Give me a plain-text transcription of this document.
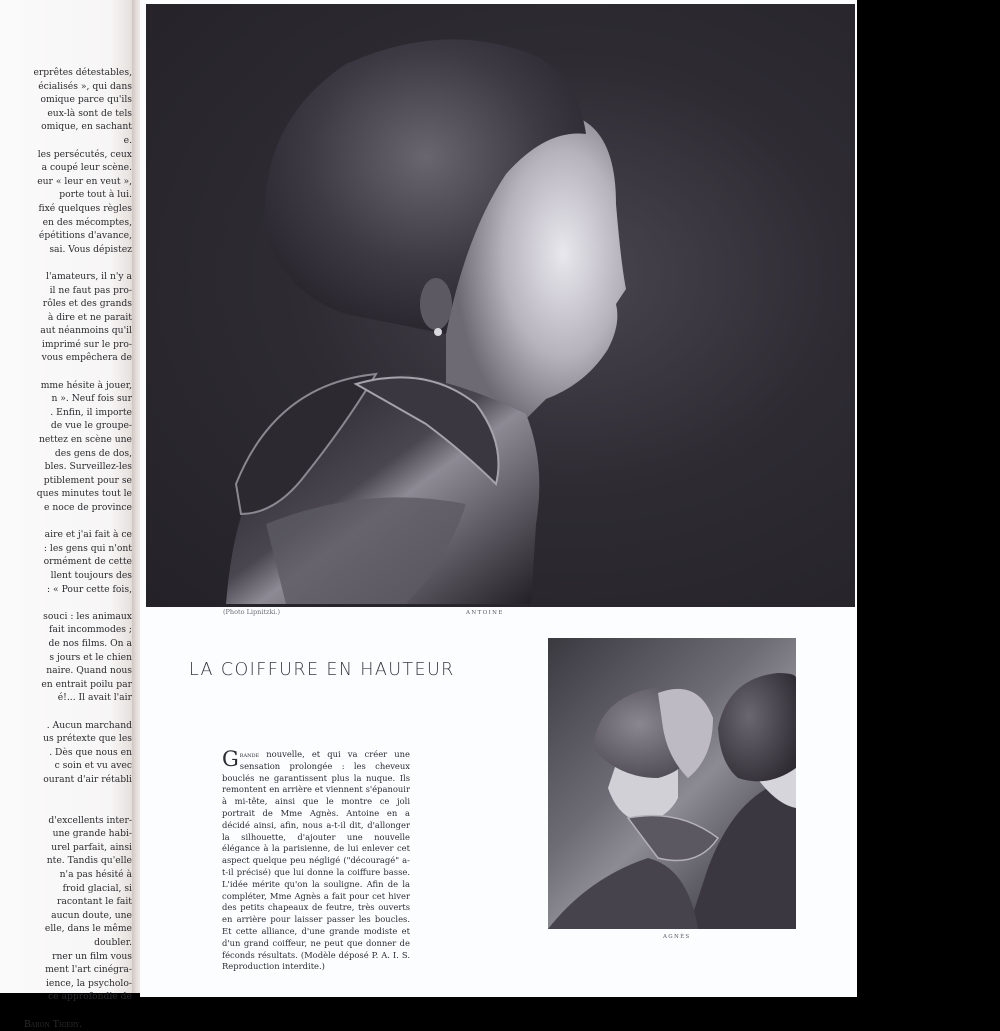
erprêtes détestables,
écialisés », qui dans
omique parce qu'ils
eux-là sont de tels
omique, en sachant
e.
les persécutés, ceux
a coupé leur scène.
eur « leur en veut »,
porte tout à lui.
fixé quelques règles
en des mécomptes,
épétitions d'avance,
sai. Vous dépistez
l'amateurs, il n'y a
il ne faut pas pro-
rôles et des grands
à dire et ne parait
aut néanmoins qu'il
imprimé sur le pro-
vous empêchera de
mme hésite à jouer,
n ». Neuf fois sur
. Enfin, il importe
de vue le groupe-
nettez en scène une
des gens de dos,
bles. Surveillez-les
ptiblement pour se
ques minutes tout le
e noce de province
aire et j'ai fait à ce
: les gens qui n'ont
ormément de cette
llent toujours des
: « Pour cette fois,
souci : les animaux
fait incommodes ;
de nos films. On a
s jours et le chien
naire. Quand nous
en entrait poilu par
é!... Il avait l'air
. Aucun marchand
us prétexte que les
. Dès que nous en
c soin et vu avec
ourant d'air rétabli
d'excellents inter-
une grande habi-
urel parfait, ainsi
nte. Tandis qu'elle
n'a pas hésité à
froid glacial, si
racontant le fait
aucun doute, une
elle, dans le même
doubler.
rner un film vous
ment l'art cinégra-
ience, la psycholo-
ce approfondie de
Baron Thiéry.
(Photo Lipnitzki.)	ANTOINE
LA COIFFURE EN HAUTEUR
Grande nouvelle, et qui va créer une sensation prolongée : les cheveux bouclés ne garantissent plus la nuque. Ils remontent en arrière et viennent s'épanouir à mi-tête, ainsi que le montre ce joli portrait de Mme Agnès. Antoine en a décidé ainsi, afin, nous a-t-il dit, d'allonger la silhouette, d'ajouter une nouvelle élégance à la parisienne, de lui enlever cet aspect quelque peu négligé ("découragé" a-t-il précisé) que lui donne la coiffure basse. L'idée mérite qu'on la souligne. Afin de la compléter, Mme Agnès a fait pour cet hiver des petits chapeaux de feutre, très ouverts en arrière pour laisser passer les boucles. Et cette alliance, d'une grande modiste et d'un grand coiffeur, ne peut que donner de féconds résultats. (Modèle déposé P. A. I. S. Reproduction interdite.)
AGNÈS
